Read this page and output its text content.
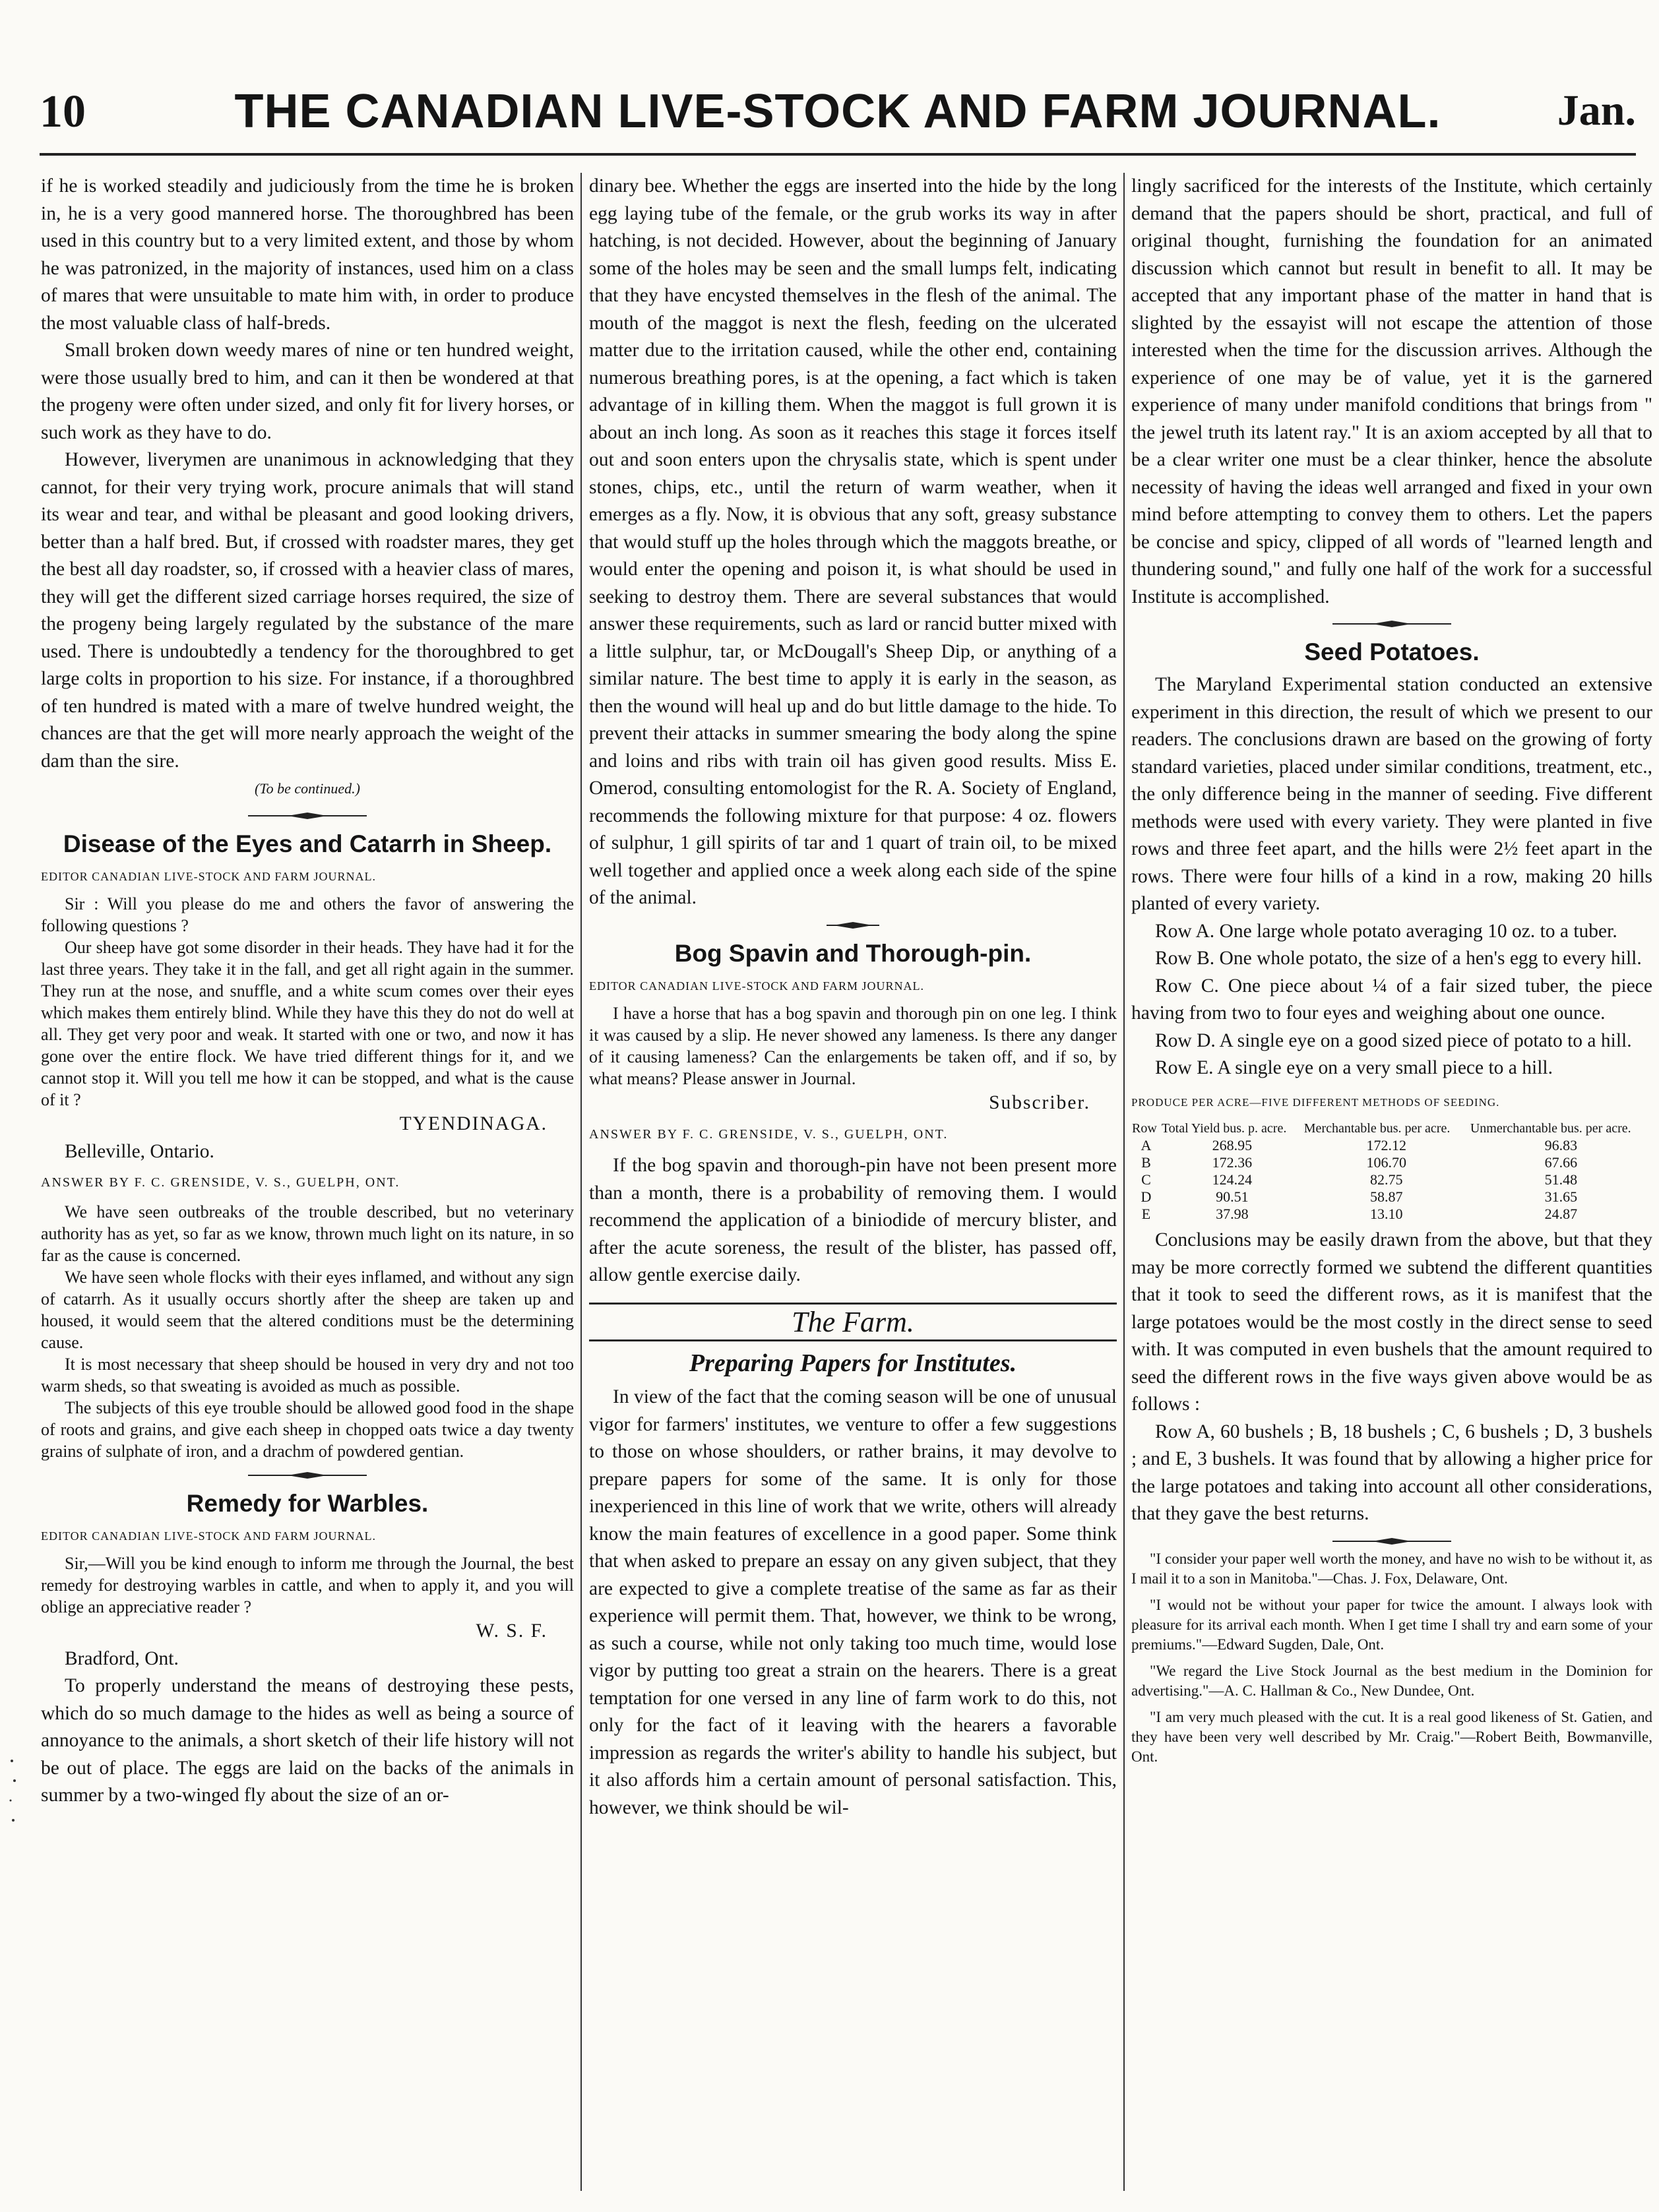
10	THE CANADIAN LIVE-STOCK AND FARM JOURNAL.	Jan.

if he is worked steadily and judiciously from the time he is broken in, he is a very good mannered horse. The thoroughbred has been used in this country but to a very limited extent, and those by whom he was patronized, in the majority of instances, used him on a class of mares that were unsuitable to mate him with, in order to produce the most valuable class of half-breds.

Small broken down weedy mares of nine or ten hundred weight, were those usually bred to him, and can it then be wondered at that the progeny were often under sized, and only fit for livery horses, or such work as they have to do.

However, liverymen are unanimous in acknowledging that they cannot, for their very trying work, procure animals that will stand its wear and tear, and withal be pleasant and good looking drivers, better than a half bred. But, if crossed with roadster mares, they get the best all day roadster, so, if crossed with a heavier class of mares, they will get the different sized carriage horses required, the size of the progeny being largely regulated by the substance of the mare used. There is undoubtedly a tendency for the thoroughbred to get large colts in proportion to his size. For instance, if a thoroughbred of ten hundred is mated with a mare of twelve hundred weight, the chances are that the get will more nearly approach the weight of the dam than the sire.

(To be continued.)
Disease of the Eyes and Catarrh in Sheep.
EDITOR CANADIAN LIVE-STOCK AND FARM JOURNAL.

Sir : Will you please do me and others the favor of answering the following questions ?

Our sheep have got some disorder in their heads. They have had it for the last three years. They take it in the fall, and get all right again in the summer. They run at the nose, and snuffle, and a white scum comes over their eyes which makes them entirely blind. While they have this they do not do well at all. They get very poor and weak. It started with one or two, and now it has gone over the entire flock. We have tried different things for it, and we cannot stop it. Will you tell me how it can be stopped, and what is the cause of it ?

TYENDINAGA.

Belleville, Ontario.

ANSWER BY F. C. GRENSIDE, V. S., GUELPH, ONT.

We have seen outbreaks of the trouble described, but no veterinary authority has as yet, so far as we know, thrown much light on its nature, in so far as the cause is concerned.

We have seen whole flocks with their eyes inflamed, and without any sign of catarrh. As it usually occurs shortly after the sheep are taken up and housed, it would seem that the altered conditions must be the determining cause.

It is most necessary that sheep should be housed in very dry and not too warm sheds, so that sweating is avoided as much as possible.

The subjects of this eye trouble should be allowed good food in the shape of roots and grains, and give each sheep in chopped oats twice a day twenty grains of sulphate of iron, and a drachm of powdered gentian.

Remedy for Warbles.
EDITOR CANADIAN LIVE-STOCK AND FARM JOURNAL.

Sir,—Will you be kind enough to inform me through the Journal, the best remedy for destroying warbles in cattle, and when to apply it, and you will oblige an appreciative reader ?

W. S. F.

Bradford, Ont.

To properly understand the means of destroying these pests, which do so much damage to the hides as well as being a source of annoyance to the animals, a short sketch of their life history will not be out of place. The eggs are laid on the backs of the animals in summer by a two-winged fly about the size of an or-

dinary bee. Whether the eggs are inserted into the hide by the long egg laying tube of the female, or the grub works its way in after hatching, is not decided. However, about the beginning of January some of the holes may be seen and the small lumps felt, indicating that they have encysted themselves in the flesh of the animal. The mouth of the maggot is next the flesh, feeding on the ulcerated matter due to the irritation caused, while the other end, containing numerous breathing pores, is at the opening, a fact which is taken advantage of in killing them. When the maggot is full grown it is about an inch long. As soon as it reaches this stage it forces itself out and soon enters upon the chrysalis state, which is spent under stones, chips, etc., until the return of warm weather, when it emerges as a fly. Now, it is obvious that any soft, greasy substance that would stuff up the holes through which the maggots breathe, or would enter the opening and poison it, is what should be used in seeking to destroy them. There are several substances that would answer these requirements, such as lard or rancid butter mixed with a little sulphur, tar, or McDougall's Sheep Dip, or anything of a similar nature. The best time to apply it is early in the season, as then the wound will heal up and do but little damage to the hide. To prevent their attacks in summer smearing the body along the spine and loins and ribs with train oil has given good results. Miss E. Omerod, consulting entomologist for the R. A. Society of England, recommends the following mixture for that purpose: 4 oz. flowers of sulphur, 1 gill spirits of tar and 1 quart of train oil, to be mixed well together and applied once a week along each side of the spine of the animal.

Bog Spavin and Thorough-pin.
EDITOR CANADIAN LIVE-STOCK AND FARM JOURNAL.

I have a horse that has a bog spavin and thorough pin on one leg. I think it was caused by a slip. He never showed any lameness. Is there any danger of it causing lameness? Can the enlargements be taken off, and if so, by what means? Please answer in Journal.

Subscriber.
ANSWER BY F. C. GRENSIDE, V. S., GUELPH, ONT.

If the bog spavin and thorough-pin have not been present more than a month, there is a probability of removing them. I would recommend the application of a biniodide of mercury blister, and after the acute soreness, the result of the blister, has passed off, allow gentle exercise daily.

The Farm.
Preparing Papers for Institutes.

In view of the fact that the coming season will be one of unusual vigor for farmers' institutes, we venture to offer a few suggestions to those on whose shoulders, or rather brains, it may devolve to prepare papers for some of the same. It is only for those inexperienced in this line of work that we write, others will already know the main features of excellence in a good paper. Some think that when asked to prepare an essay on any given subject, that they are expected to give a complete treatise of the same as far as their experience will permit them. That, however, we think to be wrong, as such a course, while not only taking too much time, would lose vigor by putting too great a strain on the hearers. There is a great temptation for one versed in any line of farm work to do this, not only for the fact of it leaving with the hearers a favorable impression as regards the writer's ability to handle his subject, but it also affords him a certain amount of personal satisfaction. This, however, we think should be wil-

lingly sacrificed for the interests of the Institute, which certainly demand that the papers should be short, practical, and full of original thought, furnishing the foundation for an animated discussion which cannot but result in benefit to all. It may be accepted that any important phase of the matter in hand that is slighted by the essayist will not escape the attention of those interested when the time for the discussion arrives. Although the experience of one may be of value, yet it is the garnered experience of many under manifold conditions that brings from " the jewel truth its latent ray." It is an axiom accepted by all that to be a clear writer one must be a clear thinker, hence the absolute necessity of having the ideas well arranged and fixed in your own mind before attempting to convey them to others. Let the papers be concise and spicy, clipped of all words of "learned length and thundering sound," and fully one half of the work for a successful Institute is accomplished.

Seed Potatoes.

The Maryland Experimental station conducted an extensive experiment in this direction, the result of which we present to our readers. The conclusions drawn are based on the growing of forty standard varieties, placed under similar conditions, treatment, etc., the only difference being in the manner of seeding. Five different methods were used with every variety. They were planted in five rows and three feet apart, and the hills were 2½ feet apart in the rows. There were four hills of a kind in a row, making 20 hills planted of every variety.

Row A. One large whole potato averaging 10 oz. to a tuber.

Row B. One whole potato, the size of a hen's egg to every hill.

Row C. One piece about ¼ of a fair sized tuber, the piece having from two to four eyes and weighing about one ounce.

Row D. A single eye on a good sized piece of potato to a hill.

Row E. A single eye on a very small piece to a hill.

PRODUCE PER ACRE—FIVE DIFFERENT METHODS OF SEEDING.
Row	Total Yield bus. p. acre.	Merchantable bus. per acre.	Unmerchantable bus. per acre.
A	268.95	172.12	96.83
B	172.36	106.70	67.66
C	124.24	82.75	51.48
D	90.51	58.87	31.65
E	37.98	13.10	24.87

Conclusions may be easily drawn from the above, but that they may be more correctly formed we subtend the different quantities that it took to seed the different rows, as it is manifest that the large potatoes would be the most costly in the direct sense to seed with. It was computed in even bushels that the amount required to seed the different rows in the five ways given above would be as follows :

Row A, 60 bushels ; B, 18 bushels ; C, 6 bushels ; D, 3 bushels ; and E, 3 bushels. It was found that by allowing a higher price for the large potatoes and taking into account all other considerations, that they gave the best returns.

"I consider your paper well worth the money, and have no wish to be without it, as I mail it to a son in Manitoba."—Chas. J. Fox, Delaware, Ont.

"I would not be without your paper for twice the amount. I always look with pleasure for its arrival each month. When I get time I shall try and earn some of your premiums."—Edward Sugden, Dale, Ont.

"We regard the Live Stock Journal as the best medium in the Dominion for advertising."—A. C. Hallman & Co., New Dundee, Ont.

"I am very much pleased with the cut. It is a real good likeness of St. Gatien, and they have been very well described by Mr. Craig."—Robert Beith, Bowmanville, Ont.
